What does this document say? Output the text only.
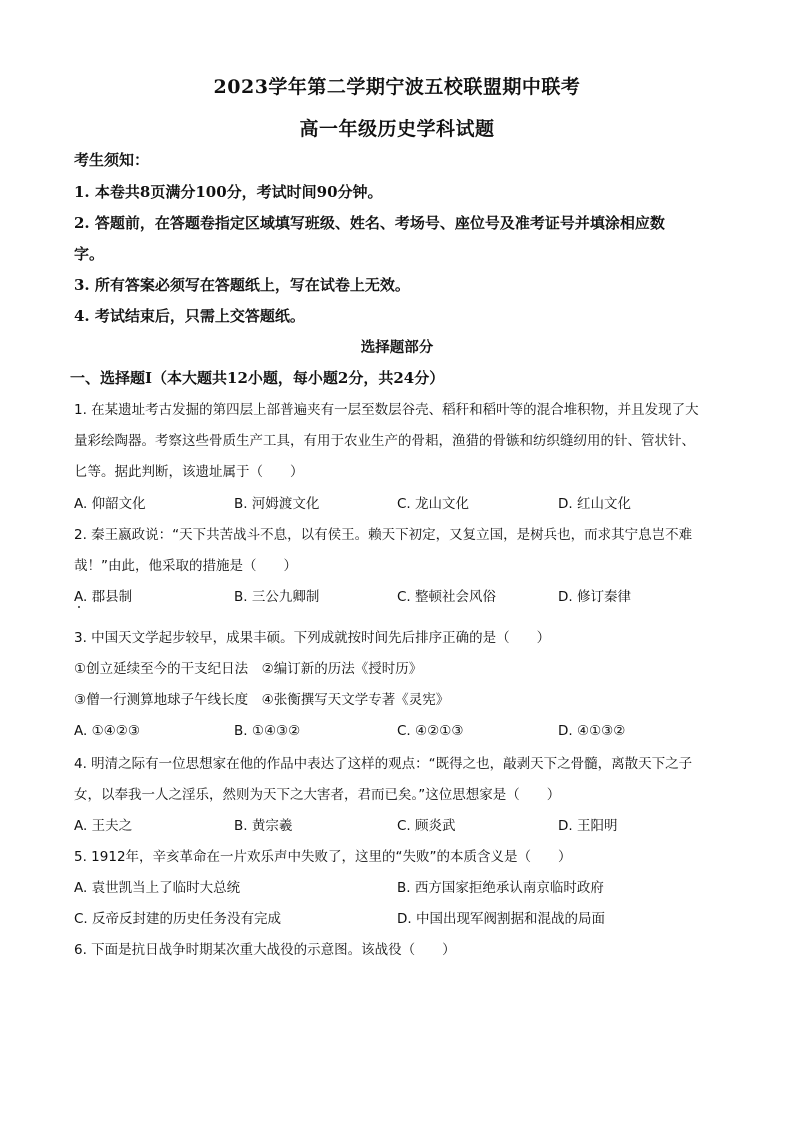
2023学年第二学期宁波五校联盟期中联考
高一年级历史学科试题
考生须知：
1. 本卷共8页满分100分，考试时间90分钟。
2. 答题前，在答题卷指定区域填写班级、姓名、考场号、座位号及准考证号并填涂相应数
字。
3. 所有答案必须写在答题纸上，写在试卷上无效。
4. 考试结束后，只需上交答题纸。
选择题部分
一、选择题Ⅰ（本大题共12小题，每小题2分，共24分）
1. 在某遗址考古发掘的第四层上部普遍夹有一层至数层谷壳、稻秆和稻叶等的混合堆积物，并且发现了大
量彩绘陶器。考察这些骨质生产工具，有用于农业生产的骨耜，渔猎的骨镞和纺织缝纫用的针、管状针、
匕等。据此判断，该遗址属于（　　）
A. 仰韶文化	B. 河姆渡文化	C. 龙山文化	D. 红山文化
2. 秦王嬴政说：“天下共苦战斗不息，以有侯王。赖天下初定，又复立国，是树兵也，而求其宁息岂不难
哉！”由此，他采取的措施是（　　）
A. 郡县制	B. 三公九卿制	C. 整顿社会风俗	D. 修订秦律
3. 中国天文学起步较早，成果丰硕。下列成就按时间先后排序正确的是（　　）
①创立延续至今的干支纪日法　②编订新的历法《授时历》
③僧一行测算地球子午线长度　④张衡撰写天文学专著《灵宪》
A. ①④②③	B. ①④③②	C. ④②①③	D. ④①③②
4. 明清之际有一位思想家在他的作品中表达了这样的观点：“既得之也，敲剥天下之骨髓，离散天下之子
女，以奉我一人之淫乐，然则为天下之大害者，君而已矣。”这位思想家是（　　）
A. 王夫之	B. 黄宗羲	C. 顾炎武	D. 王阳明
5. 1912年，辛亥革命在一片欢乐声中失败了，这里的“失败”的本质含义是（　　）
A. 袁世凯当上了临时大总统	B. 西方国家拒绝承认南京临时政府
C. 反帝反封建的历史任务没有完成	D. 中国出现军阀割据和混战的局面
6. 下面是抗日战争时期某次重大战役的示意图。该战役（　　）
